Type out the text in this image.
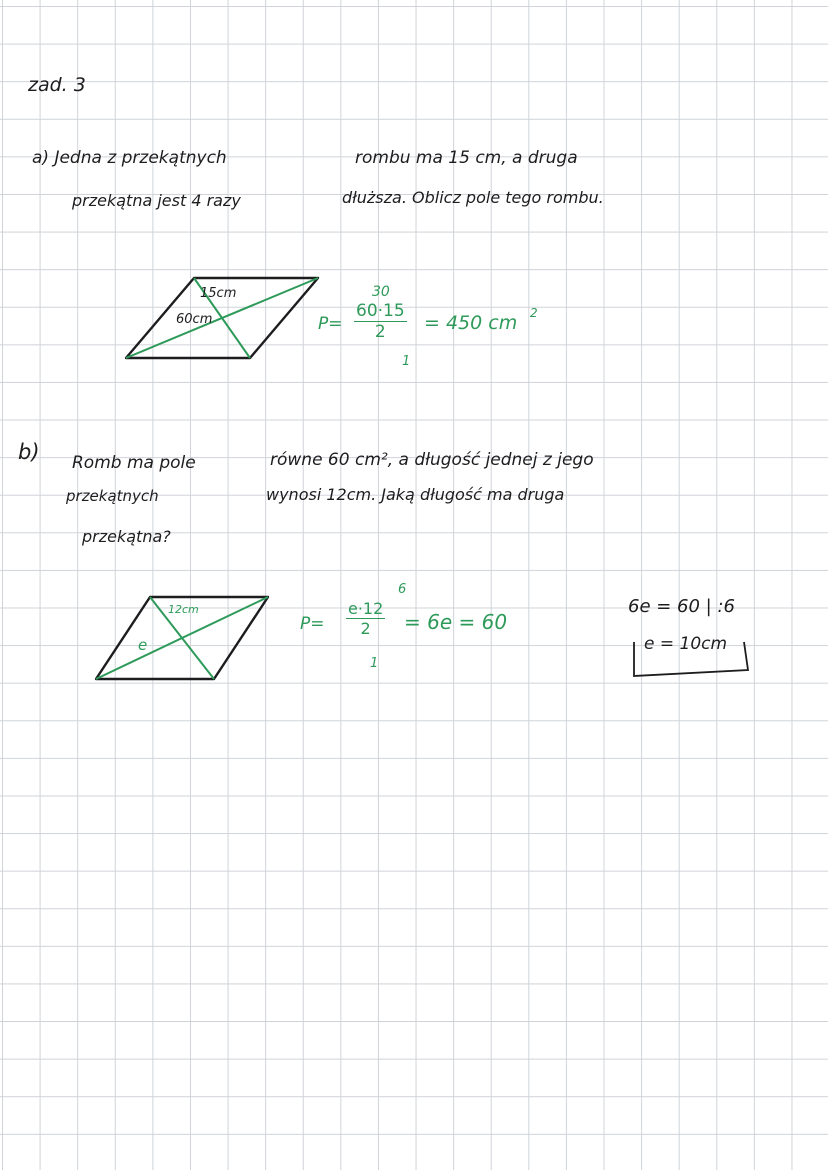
zad. 3
a) Jedna z przekątnych	rombu ma 15 cm, a druga
przekątna jest 4 razy	dłuższa. Oblicz pole tego rombu.
15cm
60cm	P=
30
$\frac{60\cdot 15}{2}$
1
= 450 cm 2
b) Romb ma pole	równe 60 cm², a długość jednej z jego
przekątnych	wynosi 12cm. Jaką długość ma druga
przekątna?
12cm
e
P=
6
$\frac{e\cdot 12}{2}$
1
= 6e = 60
6e = 60 | :6
e = 10cm
